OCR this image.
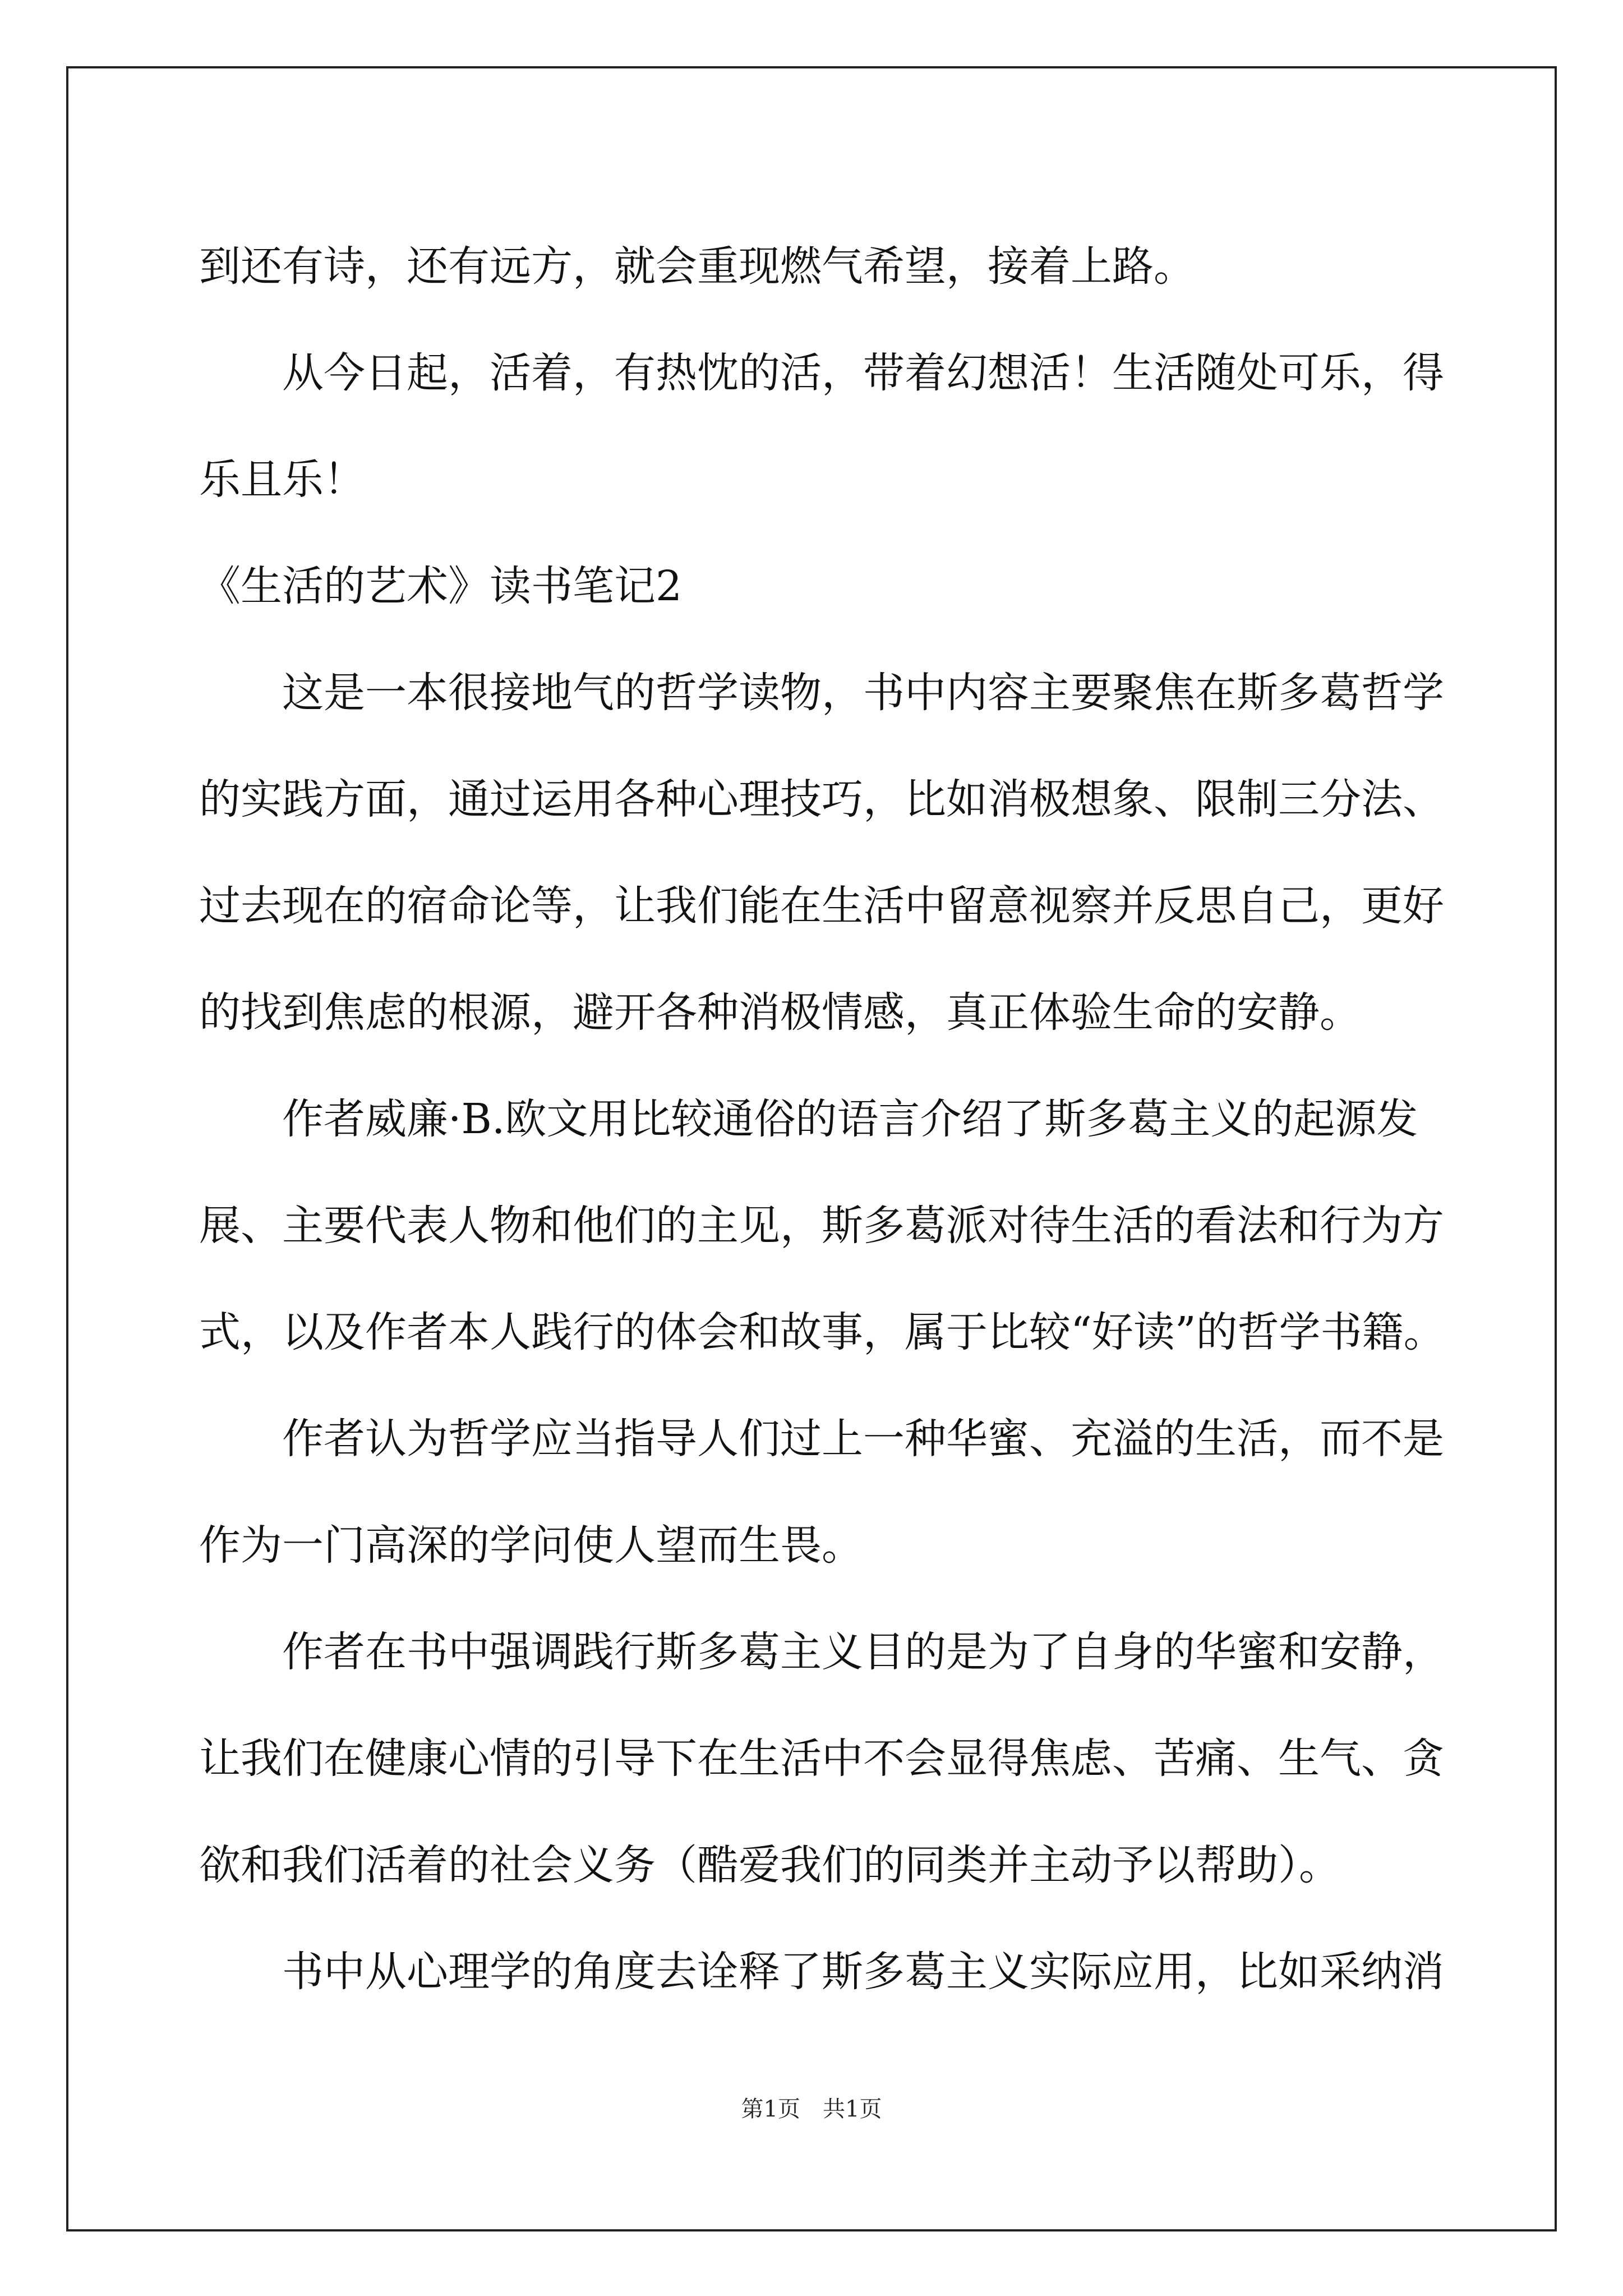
到还有诗，还有远方，就会重现燃气希望，接着上路。
从今日起，活着，有热忱的活，带着幻想活！生活随处可乐，得
乐且乐！
《生活的艺术》读书笔记2
这是一本很接地气的哲学读物，书中内容主要聚焦在斯多葛哲学
的实践方面，通过运用各种心理技巧，比如消极想象、限制三分法、
过去现在的宿命论等，让我们能在生活中留意视察并反思自己，更好
的找到焦虑的根源，避开各种消极情感，真正体验生命的安静。
作者威廉·B.欧文用比较通俗的语言介绍了斯多葛主义的起源发
展、主要代表人物和他们的主见，斯多葛派对待生活的看法和行为方
式，以及作者本人践行的体会和故事，属于比较“好读”的哲学书籍。
作者认为哲学应当指导人们过上一种华蜜、充溢的生活，而不是
作为一门高深的学问使人望而生畏。
作者在书中强调践行斯多葛主义目的是为了自身的华蜜和安静，
让我们在健康心情的引导下在生活中不会显得焦虑、苦痛、生气、贪
欲和我们活着的社会义务（酷爱我们的同类并主动予以帮助）。
书中从心理学的角度去诠释了斯多葛主义实际应用，比如采纳消
第1页　共1页
